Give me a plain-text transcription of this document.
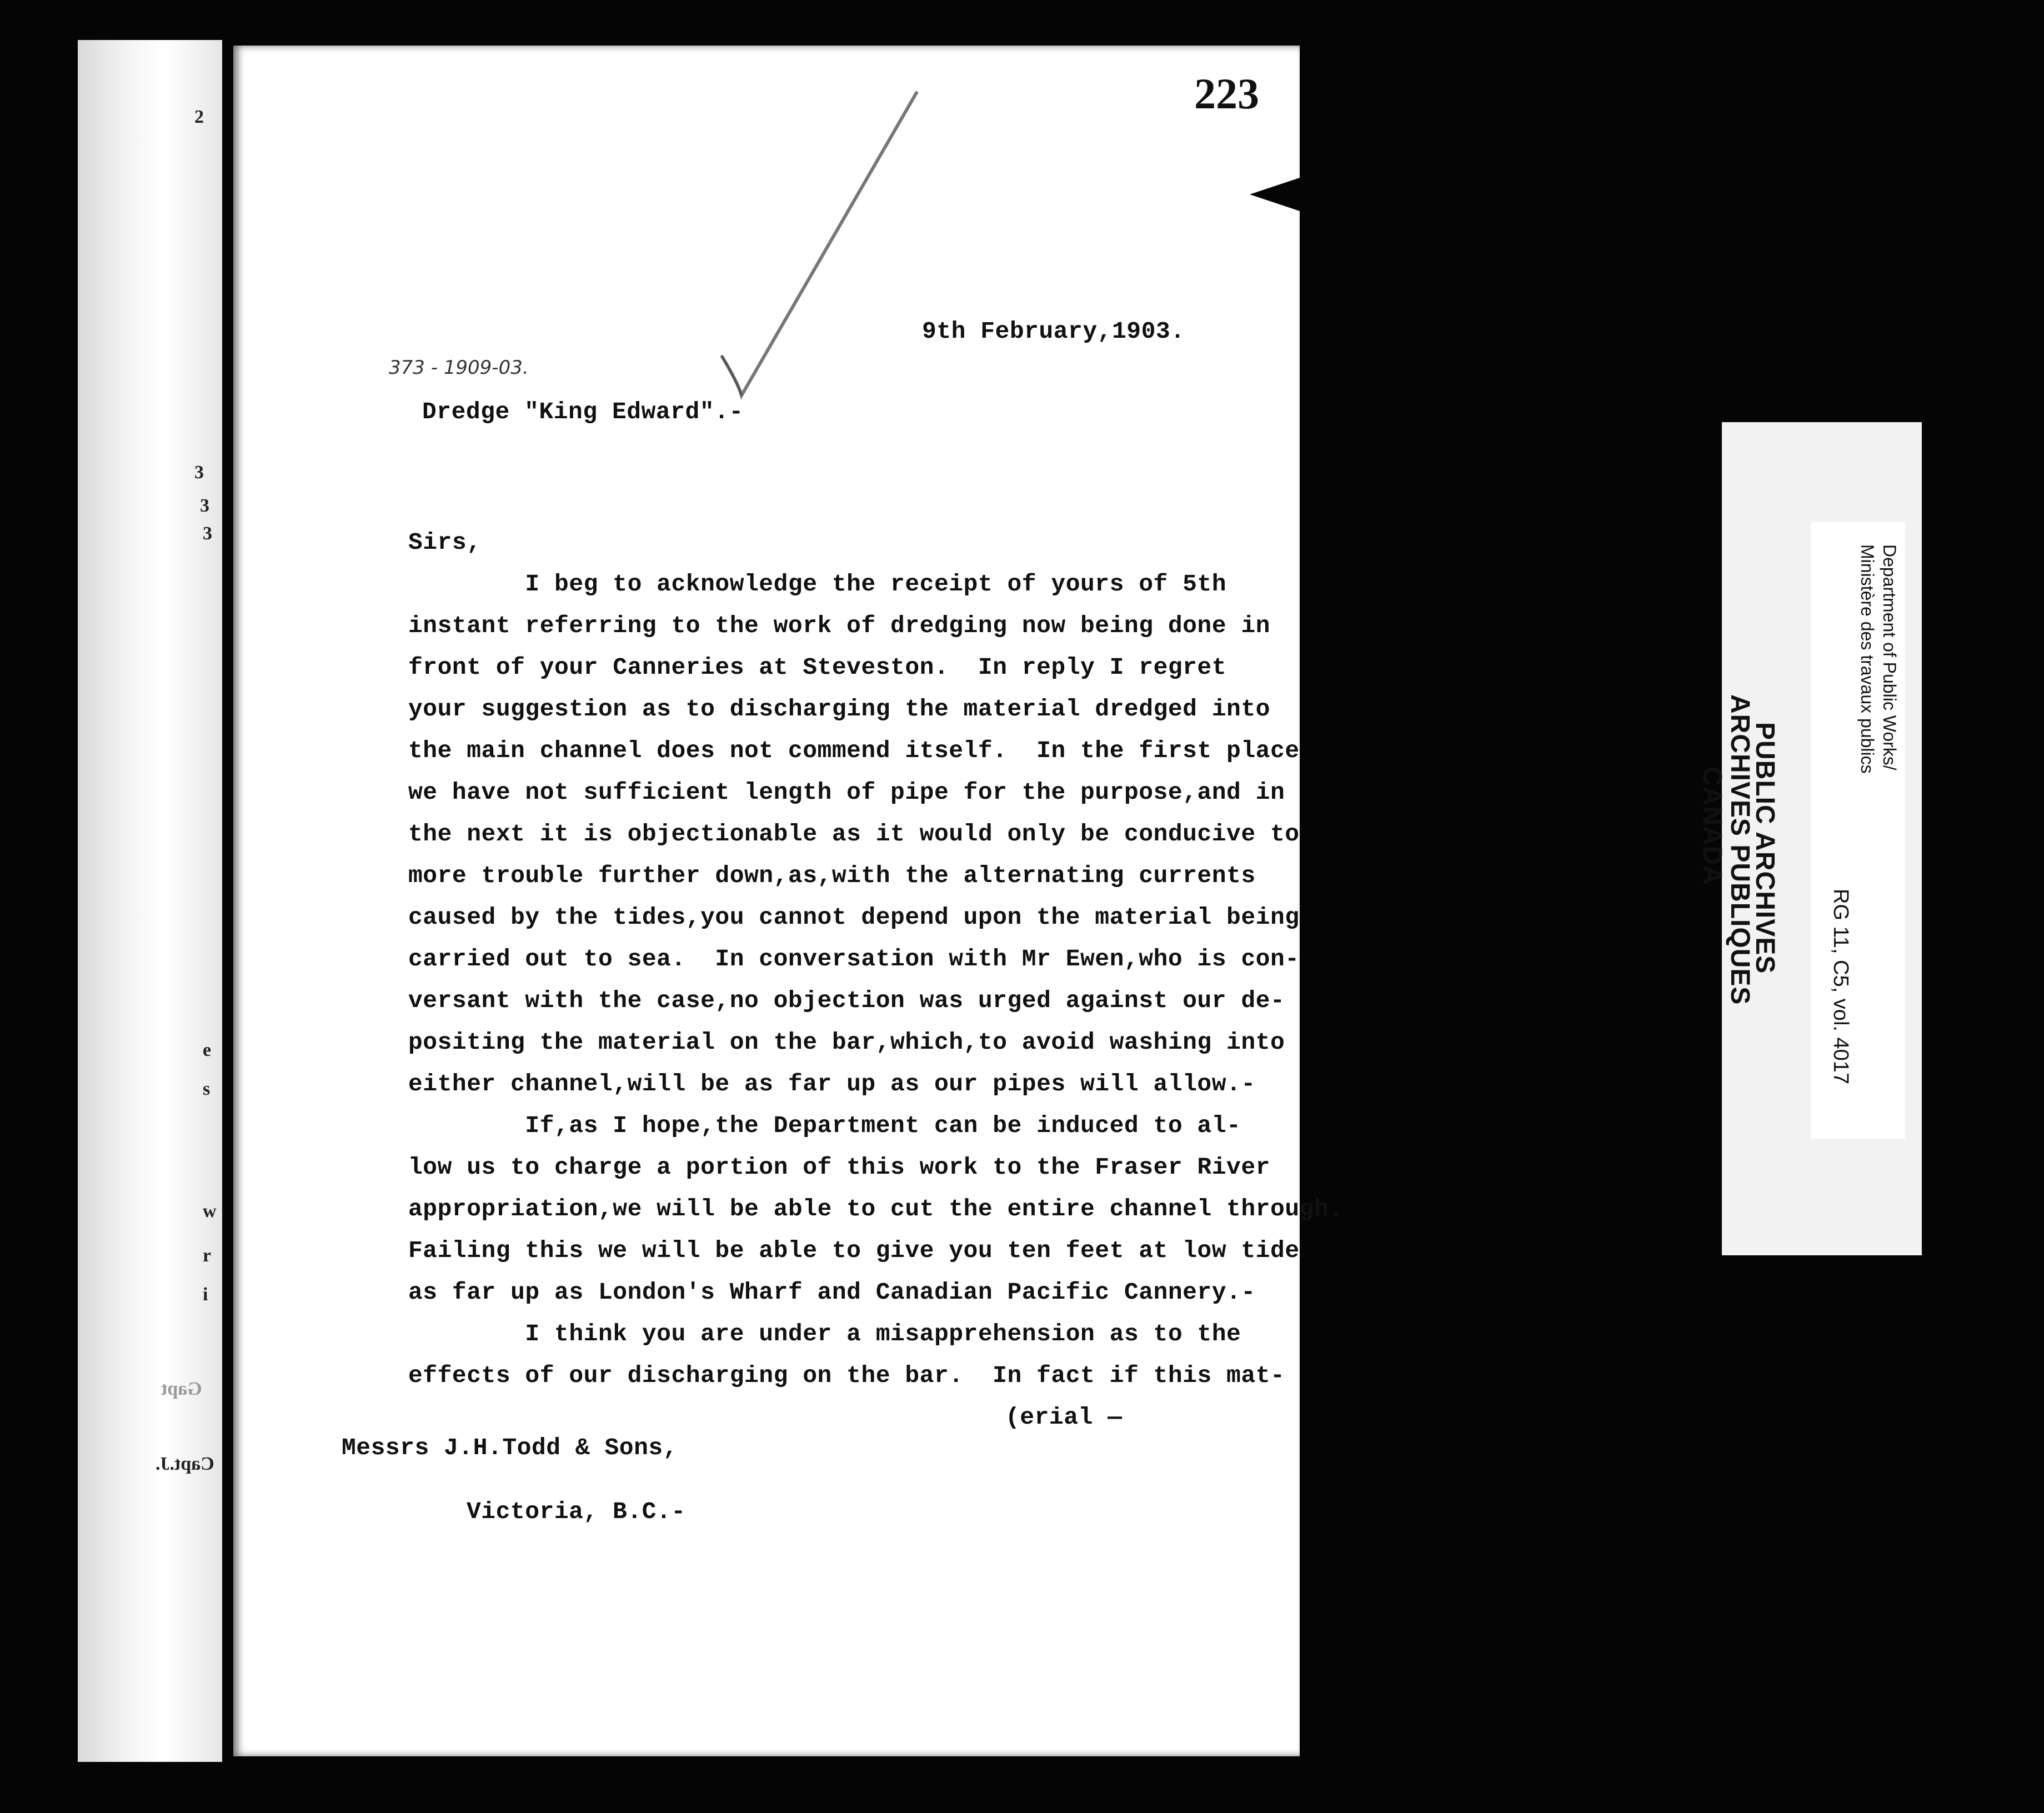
2
3
3
3
e
s
w
r
i
Gapt
Capt.J.
223
373 - 1909-03.
9th February,1903.
Dredge "King Edward".-
Sirs,
I beg to acknowledge the receipt of yours of 5th
instant referring to the work of dredging now being done in
front of your Canneries at Steveston.  In reply I regret
your suggestion as to discharging the material dredged into
the main channel does not commend itself.  In the first place
we have not sufficient length of pipe for the purpose,and in
the next it is objectionable as it would only be conducive to
more trouble further down,as,with the alternating currents
caused by the tides,you cannot depend upon the material being
carried out to sea.  In conversation with Mr Ewen,who is con-
versant with the case,no objection was urged against our de-
positing the material on the bar,which,to avoid washing into
either channel,will be as far up as our pipes will allow.-
If,as I hope,the Department can be induced to al-
low us to charge a portion of this work to the Fraser River
appropriation,we will be able to cut the entire channel through.
Failing this we will be able to give you ten feet at low tide
as far up as London's Wharf and Canadian Pacific Cannery.-
I think you are under a misapprehension as to the
effects of our discharging on the bar.  In fact if this mat-
(erial —
Messrs J.H.Todd & Sons,
Victoria, B.C.-
PUBLIC ARCHIVES
ARCHIVES PUBLIQUES
CANADA
Department of Public Works/
Ministère des travaux publics
RG 11, C5, vol. 4017
